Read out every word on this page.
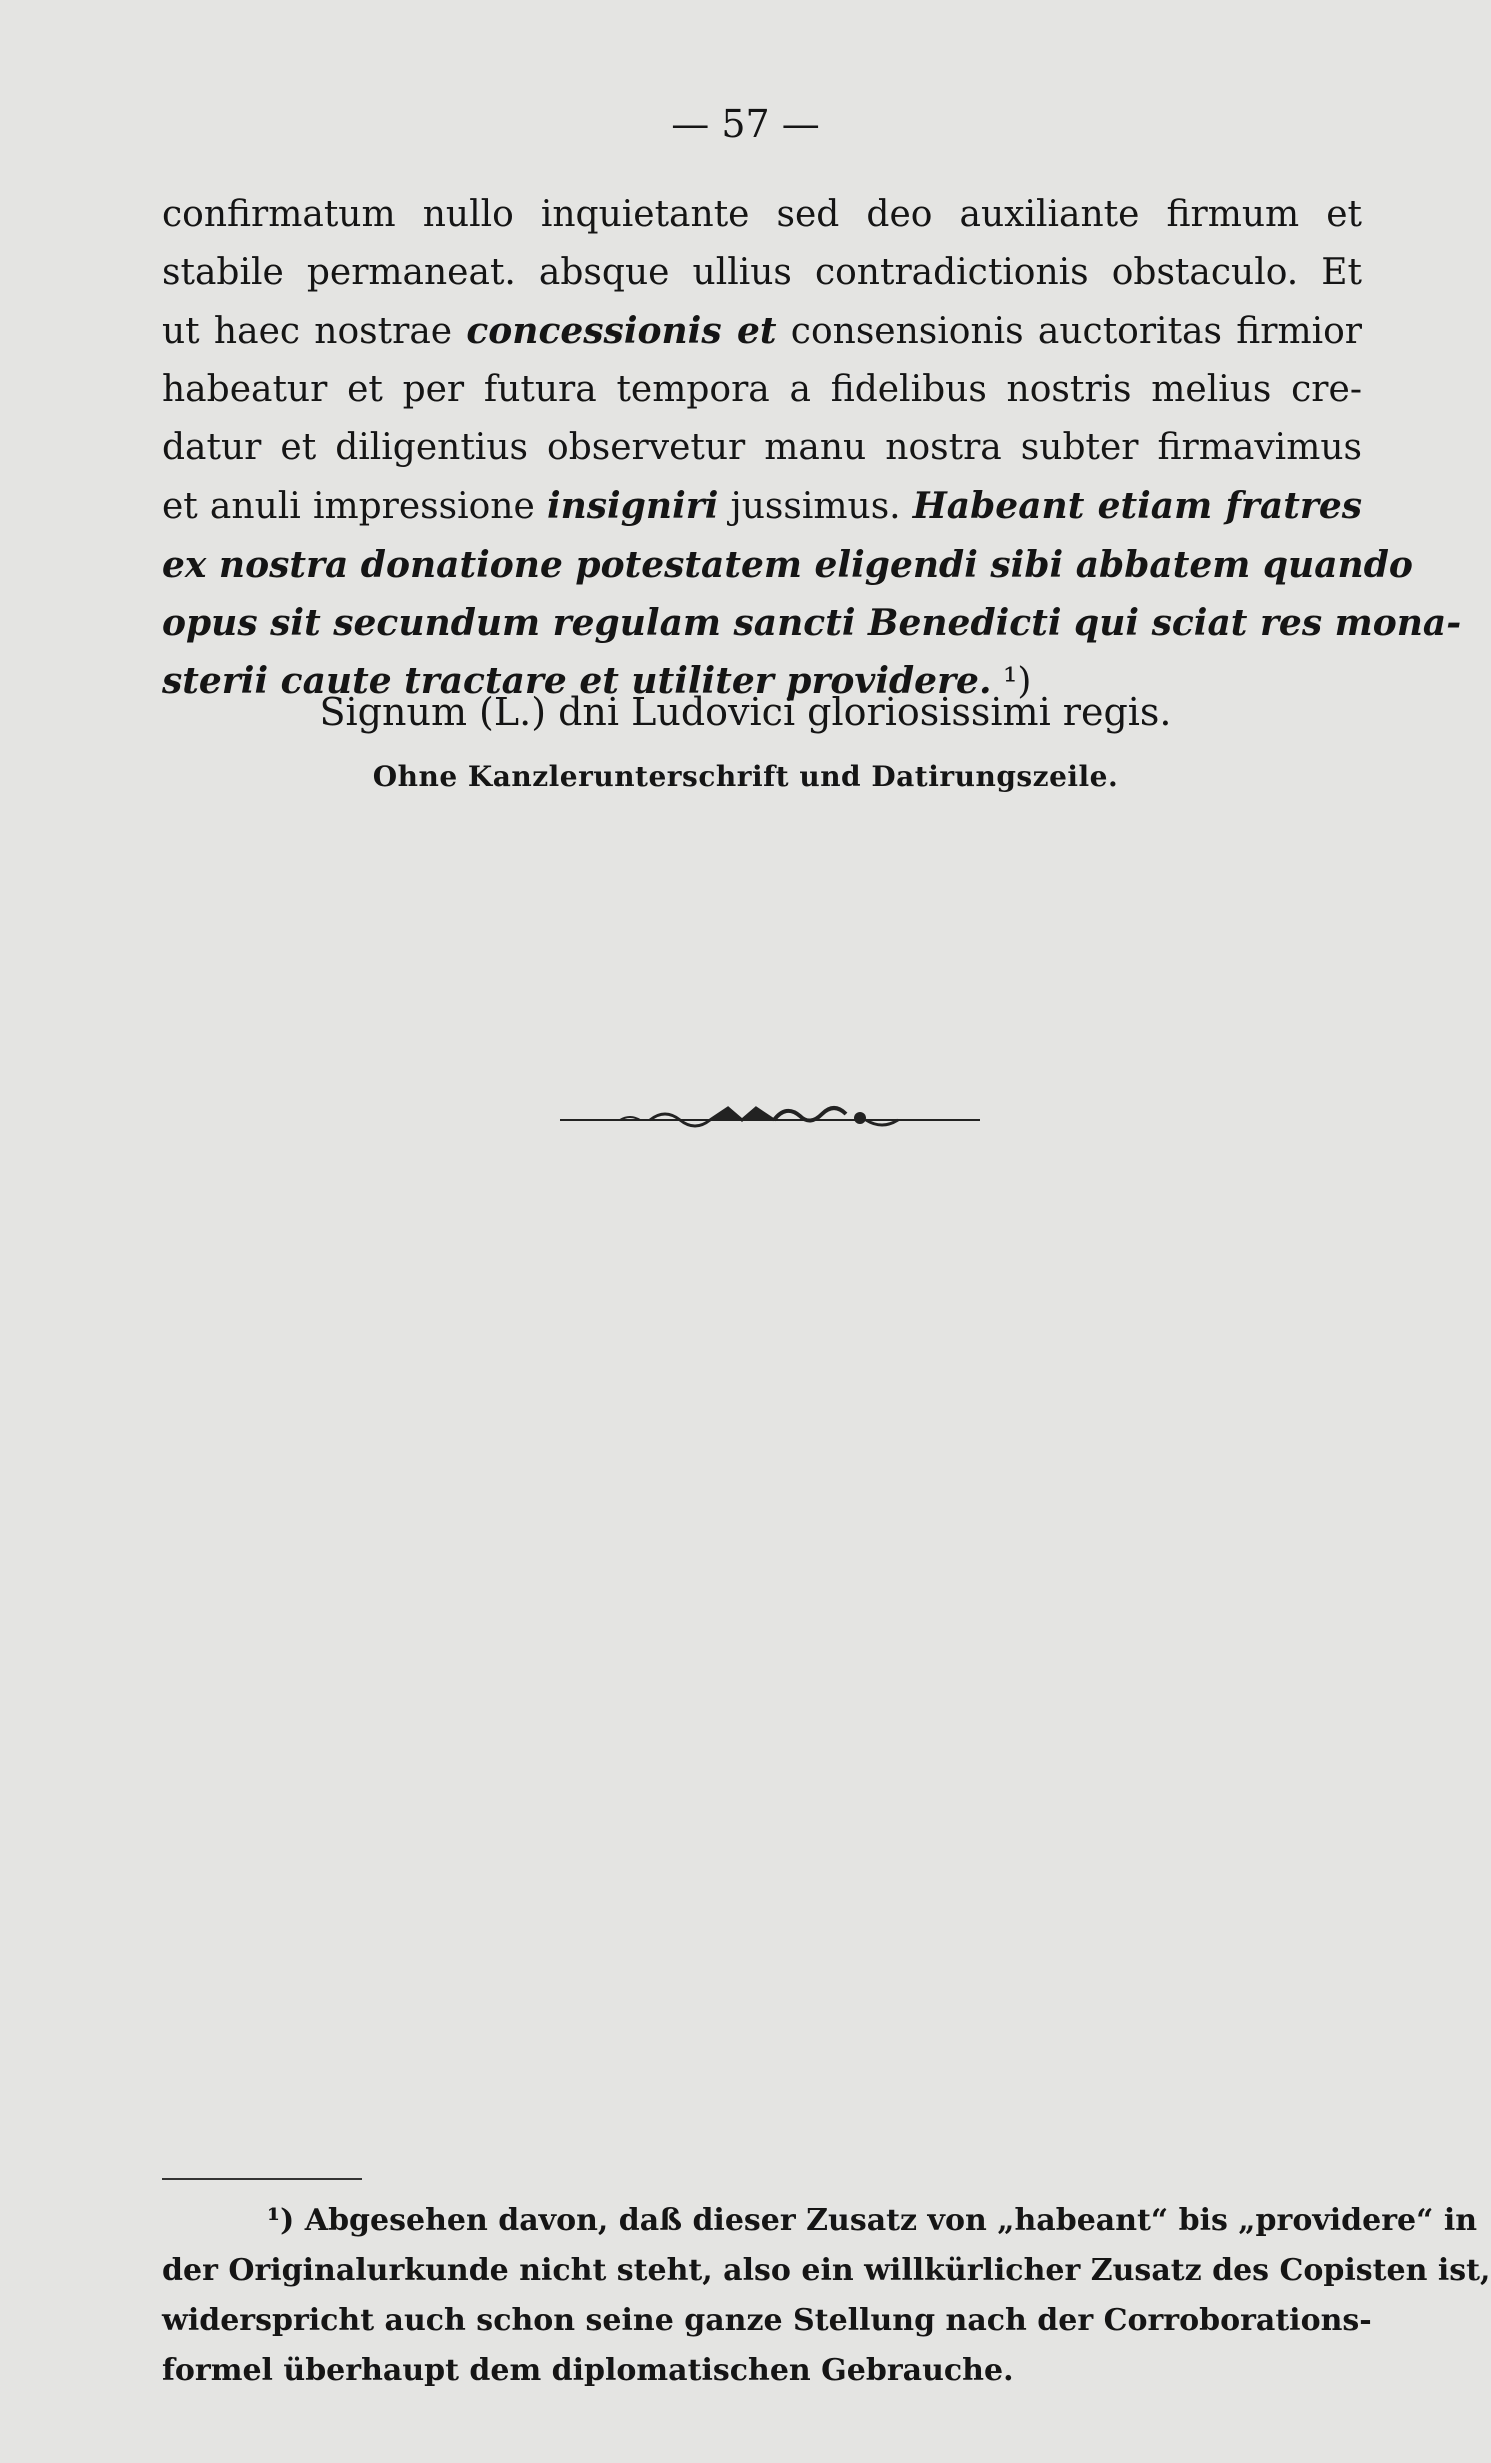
— 57 —
confirmatum nullo inquietante sed deo auxiliante firmum et
stabile permaneat. absque ullius contradictionis obstaculo. Et
ut haec nostrae concessionis et consensionis auctoritas firmior
habeatur et per futura tempora a fidelibus nostris melius cre-
datur et diligentius observetur manu nostra subter firmavimus
et anuli impressione insigniri jussimus. Habeant etiam fratres
ex nostra donatione potestatem eligendi sibi abbatem quando
opus sit secundum regulam sancti Benedicti qui sciat res mona-
sterii caute tractare et utiliter providere. ¹)
Signum (L.) dni Ludovici gloriosissimi regis.
Ohne Kanzlerunterschrift und Datirungszeile.
¹) Abgesehen davon, daß dieser Zusatz von „habeant“ bis „providere“ in
der Originalurkunde nicht steht, also ein willkürlicher Zusatz des Copisten ist,
widerspricht auch schon seine ganze Stellung nach der Corroborations-
formel überhaupt dem diplomatischen Gebrauche.
